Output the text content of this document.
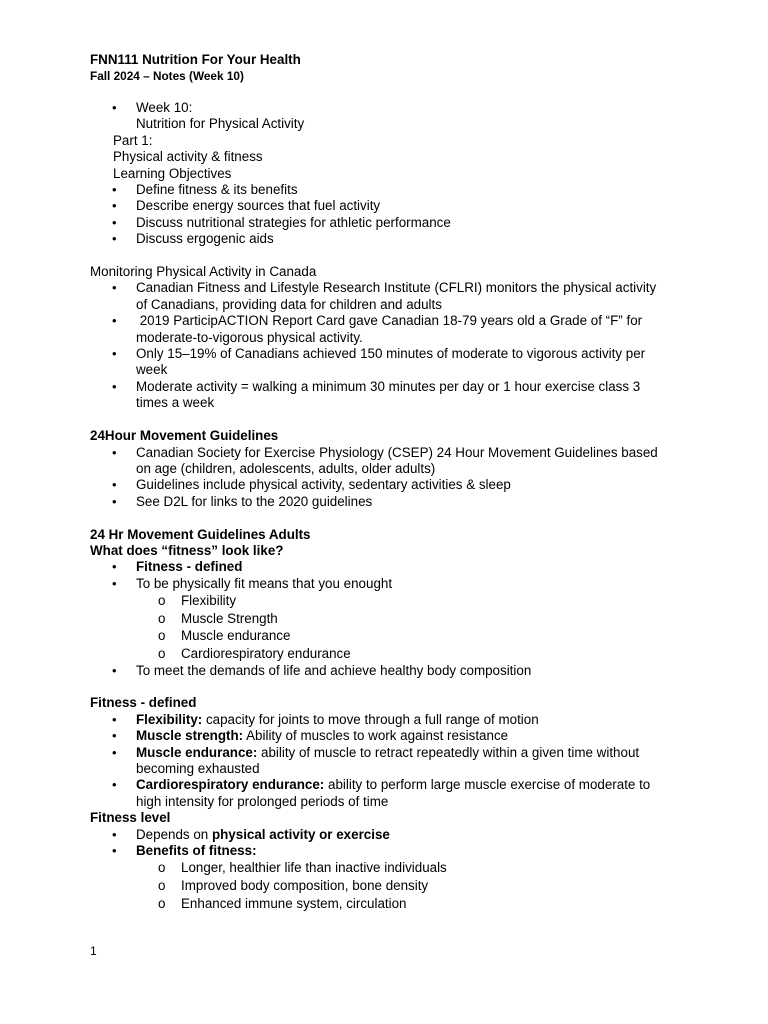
FNN111 Nutrition For Your Health
Fall 2024 – Notes (Week 10)
• Week 10:
Nutrition for Physical Activity
Part 1:
Physical activity & fitness
Learning Objectives
• Define fitness & its benefits
• Describe energy sources that fuel activity
• Discuss nutritional strategies for athletic performance
• Discuss ergogenic aids
Monitoring Physical Activity in Canada
• Canadian Fitness and Lifestyle Research Institute (CFLRI) monitors the physical activity
of Canadians, providing data for children and adults
• 2019 ParticipACTION Report Card gave Canadian 18-79 years old a Grade of “F” for
moderate-to-vigorous physical activity.
• Only 15–19% of Canadians achieved 150 minutes of moderate to vigorous activity per
week
• Moderate activity = walking a minimum 30 minutes per day or 1 hour exercise class 3
times a week
24Hour Movement Guidelines
• Canadian Society for Exercise Physiology (CSEP) 24 Hour Movement Guidelines based
on age (children, adolescents, adults, older adults)
• Guidelines include physical activity, sedentary activities & sleep
• See D2L for links to the 2020 guidelines
24 Hr Movement Guidelines Adults
What does “fitness” look like?
• Fitness - defined
• To be physically fit means that you enought
o Flexibility
o Muscle Strength
o Muscle endurance
o Cardiorespiratory endurance
• To meet the demands of life and achieve healthy body composition
Fitness - defined
• Flexibility: capacity for joints to move through a full range of motion
• Muscle strength: Ability of muscles to work against resistance
• Muscle endurance: ability of muscle to retract repeatedly within a given time without
becoming exhausted
• Cardiorespiratory endurance: ability to perform large muscle exercise of moderate to
high intensity for prolonged periods of time
Fitness level
• Depends on physical activity or exercise
• Benefits of fitness:
o Longer, healthier life than inactive individuals
o Improved body composition, bone density
o Enhanced immune system, circulation
1
